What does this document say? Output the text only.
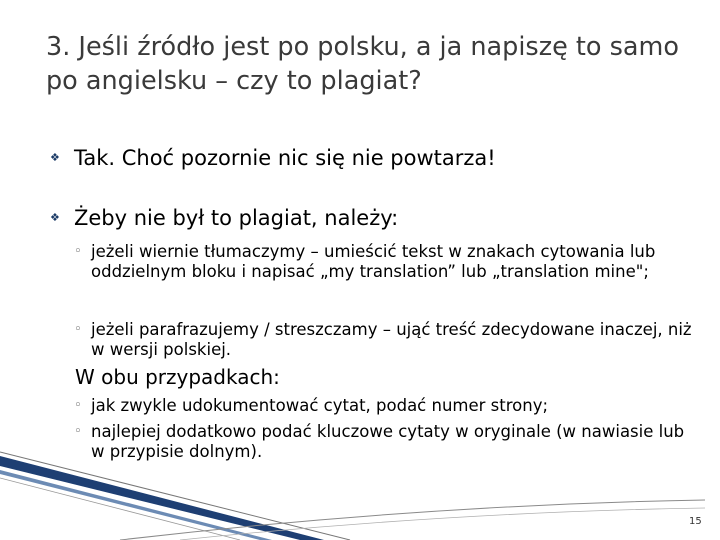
3. Jeśli źródło jest po polsku, a ja napiszę to samo po angielsku – czy to plagiat?
❖ Tak. Choć pozornie nic się nie powtarza!
❖ Żeby nie był to plagiat, należy:
◦ jeżeli wiernie tłumaczymy – umieścić tekst w znakach cytowania lub oddzielnym bloku i napisać „my translation” lub „translation mine";
◦ jeżeli parafrazujemy / streszczamy – ująć treść zdecydowane inaczej, niż w wersji polskiej.
W obu przypadkach:
◦ jak zwykle udokumentować cytat, podać numer strony;
◦ najlepiej dodatkowo podać kluczowe cytaty w oryginale (w nawiasie lub w przypisie dolnym).
15
